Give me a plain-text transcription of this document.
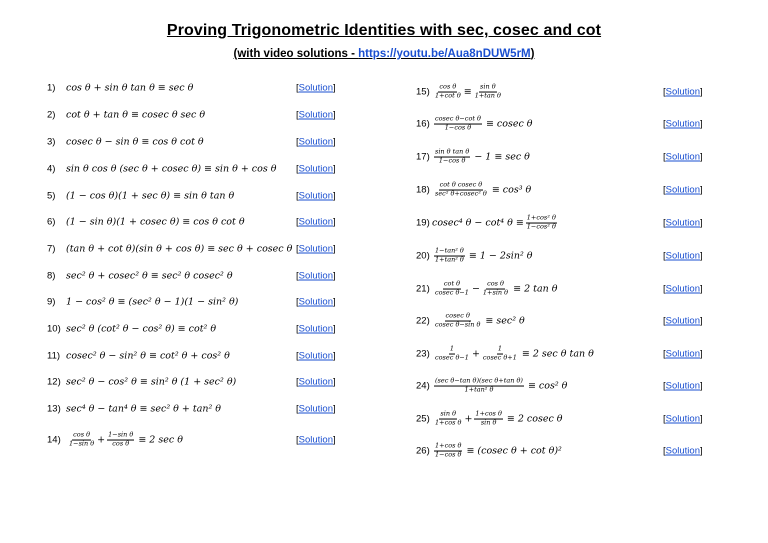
Proving Trigonometric Identities with sec, cosec and cot
(with video solutions - https://youtu.be/Aua8nDUW5rM)
1)	cos θ + sin θ tan θ ≡ sec θ	[Solution]
2)	cot θ + tan θ ≡ cosec θ sec θ	[Solution]
3)	cosec θ − sin θ ≡ cos θ cot θ	[Solution]
4)	sin θ cos θ (sec θ + cosec θ) ≡ sin θ + cos θ [Solution]
5)	(1 − cos θ)(1 + sec θ) ≡ sin θ tan θ	[Solution]
6)	(1 − sin θ)(1 + cosec θ) ≡ cos θ cot θ	[Solution]
7)	(tan θ + cot θ)(sin θ + cos θ) ≡ sec θ + cosec θ [Solution]
8)	sec² θ + cosec² θ ≡ sec² θ cosec² θ	[Solution]
9)	1 − cos² θ ≡ (sec² θ − 1)(1 − sin² θ)	[Solution]
10) sec² θ (cot² θ − cos² θ) ≡ cot² θ	[Solution]
11) cosec² θ − sin² θ ≡ cot² θ + cos² θ	[Solution]
12) sec² θ − cos² θ ≡ sin² θ (1 + sec² θ)	[Solution]
13) sec⁴ θ − tan⁴ θ ≡ sec² θ + tan² θ	[Solution]
14)	$\frac{\text{cos θ}}{\text{1−sin θ}} + \frac{\text{1−sin θ}}{\text{cos θ}} \equiv 2$ sec θ	[Solution]
$15) \frac{\text{cos θ}}{\text{1+cot θ}} \equiv \frac{\text{sin θ}}{\text{1+tan θ}}$	[Solution]
$16) \frac{\text{cosec θ−cot θ}}{\text{1−cos θ}} \equiv cosec$ θ	[Solution]
$17) \frac{\text{sin θ tan θ}}{\text{1−cos θ}} - 1 \equiv \sec \theta$	[Solution]
$18) \frac{\text{cot θ cosec θ}}{\text{sec² θ+cosec² θ}} \equiv \cos^3$ θ	[Solution]
19) cosec⁴ θ − cot⁴ $\theta \equiv \frac{\text{1+cos² θ}}{\text{1−cos² θ}}$	[Solution]
$20) \frac{\text{1−tan² θ}}{\text{1+tan² θ}} \equiv 1 - 2\sin^2$ θ	[Solution]
$21) \frac{\text{cot θ}}{\text{cosec θ−1}} - \frac{\text{cos θ}}{\text{1+sin θ}} \equiv 2$ tan θ	[Solution]
$22) \frac{\text{cosec θ}}{\text{cosec θ−sin θ}} \equiv \sec^2$ θ	[Solution]
$23) \frac{1}{\text{cosec θ−1}} + \frac{1}{\text{cosec θ+1}} \equiv 2$ sec θ tan θ	[Solution]
$24) \frac{\text{(sec θ−tan θ)(sec θ+tan θ)}}{\text{1+tan² θ}} \equiv \cos^2$ θ	[Solution]
$25) \frac{\text{sin θ}}{\text{1+cos θ}} + \frac{\text{1+cos θ}}{\text{sin θ}} \equiv 2$ cosec θ	[Solution]
$26) \frac{\text{1+cos θ}}{\text{1−cos θ}} \equiv (cosec$ θ + cot θ)²	[Solution]
